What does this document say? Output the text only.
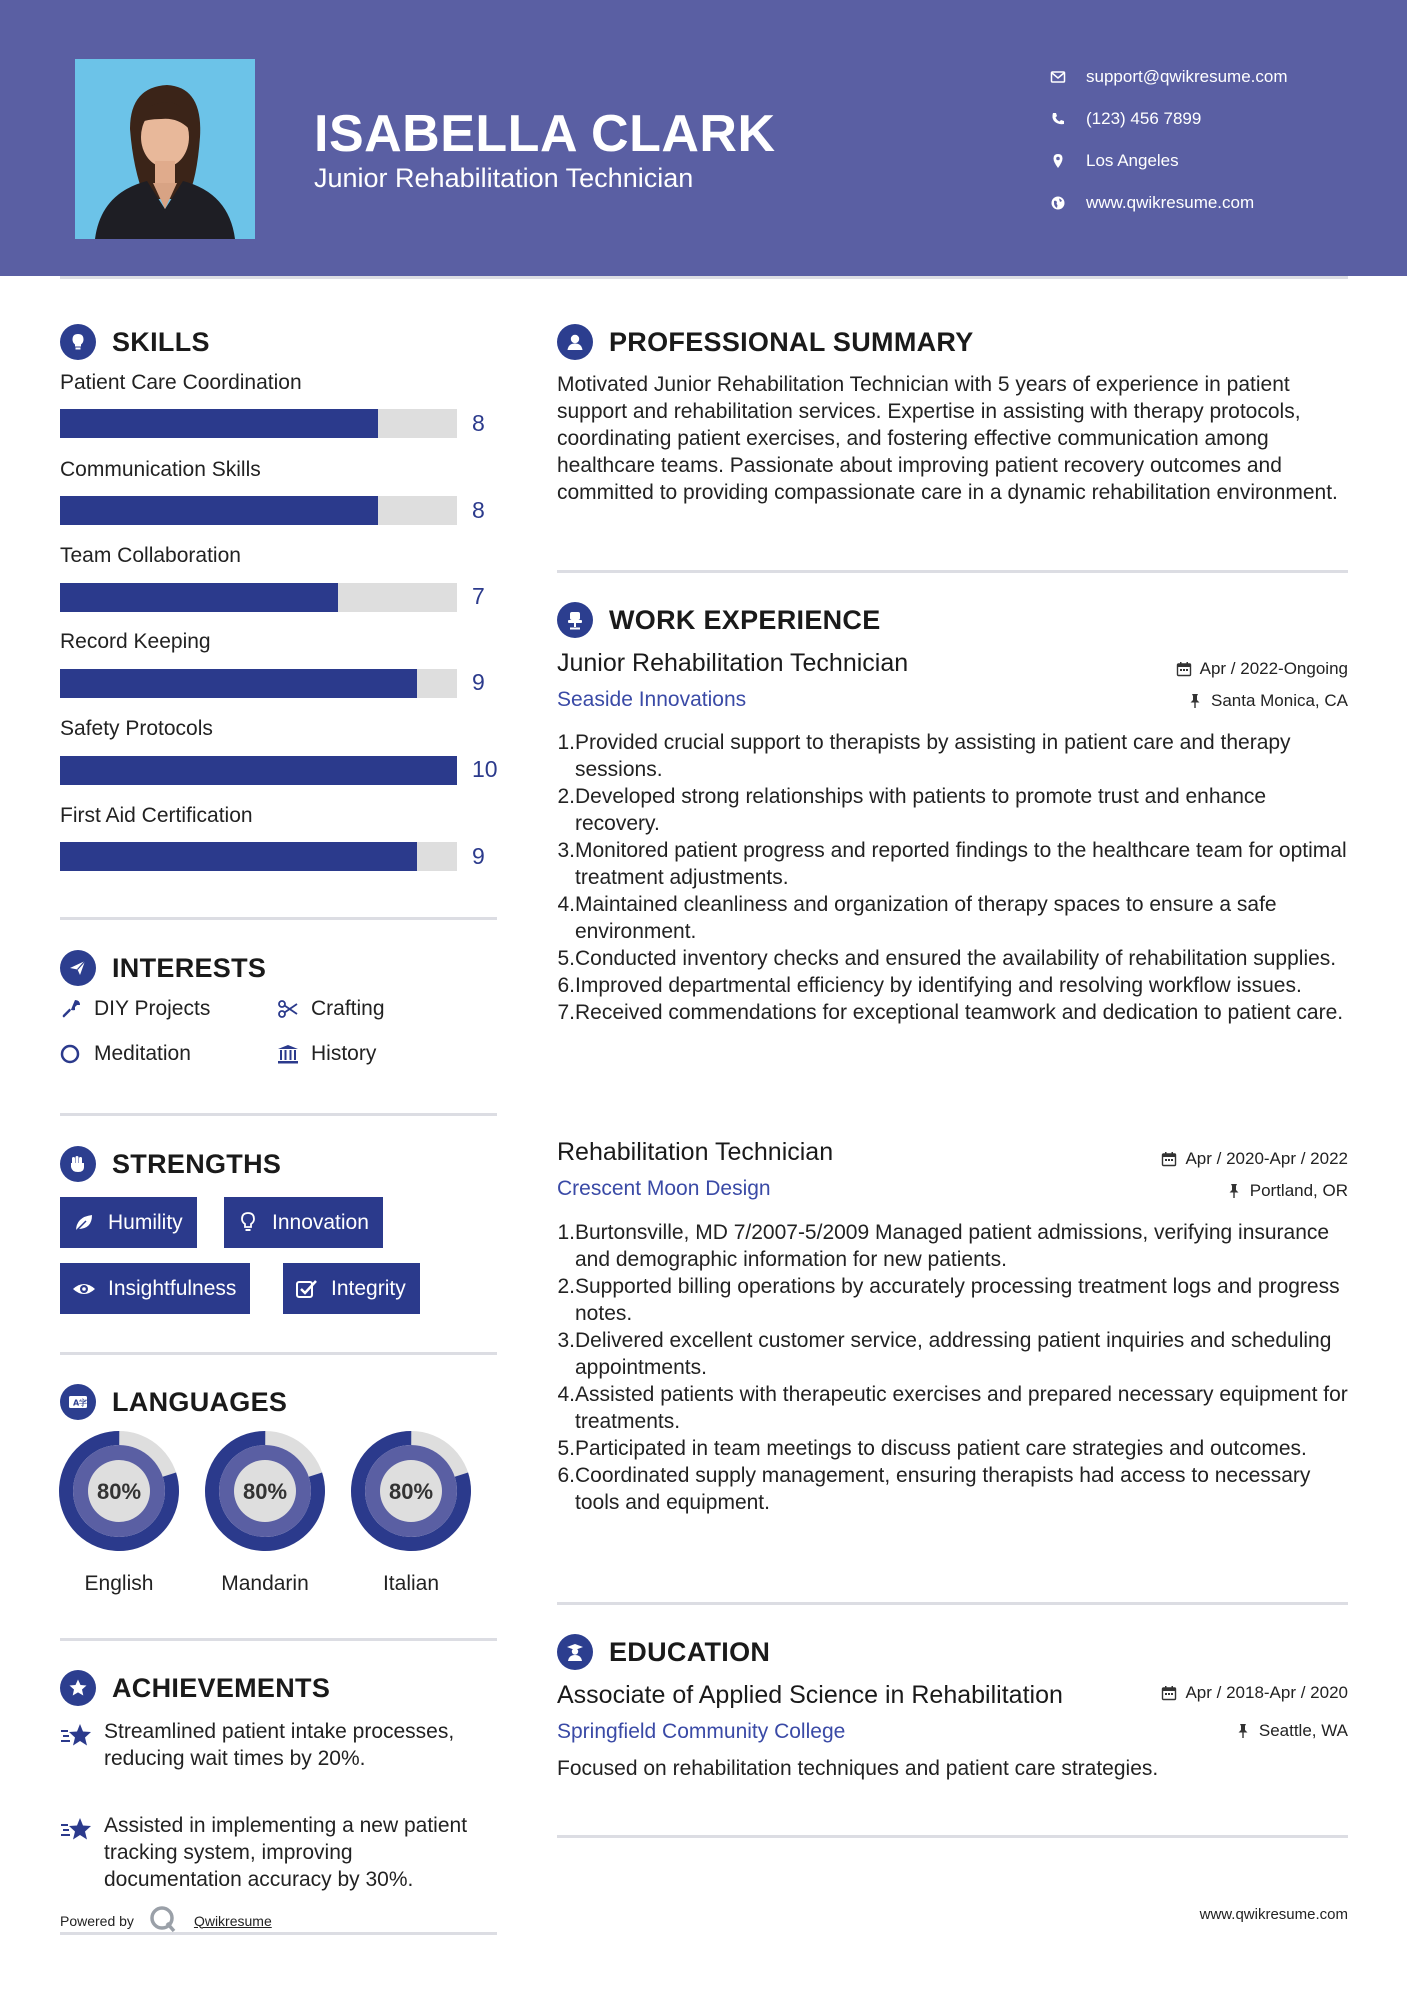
ISABELLA CLARK
Junior Rehabilitation Technician
support@qwikresume.com
(123) 456 7899
Los Angeles
www.qwikresume.com
SKILLS
Patient Care Coordination
8
Communication Skills
8
Team Collaboration
7
Record Keeping
9
Safety Protocols
10
First Aid Certification
9
INTERESTS
DIY Projects	Crafting
Meditation	History
STRENGTHS
Humility	Innovation
Insightfulness	Integrity
A 字 LANGUAGES
80%
English
80%
Mandarin
80%
Italian
ACHIEVEMENTS
Streamlined patient intake processes, reducing wait times by 20%.
Assisted in implementing a new patient tracking system, improving documentation accuracy by 30%.
Powered by	Qwikresume
PROFESSIONAL SUMMARY
Motivated Junior Rehabilitation Technician with 5 years of experience in patient support and rehabilitation services. Expertise in assisting with therapy protocols, coordinating patient exercises, and fostering effective communication among healthcare teams. Passionate about improving patient recovery outcomes and committed to providing compassionate care in a dynamic rehabilitation environment.
WORK EXPERIENCE
Junior Rehabilitation Technician	Apr / 2022-Ongoing
Seaside Innovations	Santa Monica, CA
1. Provided crucial support to therapists by assisting in patient care and therapy sessions.
2. Developed strong relationships with patients to promote trust and enhance recovery.
3. Monitored patient progress and reported findings to the healthcare team for optimal treatment adjustments.
4. Maintained cleanliness and organization of therapy spaces to ensure a safe environment.
5. Conducted inventory checks and ensured the availability of rehabilitation supplies.
6. Improved departmental efficiency by identifying and resolving workflow issues.
7. Received commendations for exceptional teamwork and dedication to patient care.
Rehabilitation Technician	Apr / 2020-Apr / 2022
Crescent Moon Design	Portland, OR
1. Burtonsville, MD 7/2007-5/2009 Managed patient admissions, verifying insurance and demographic information for new patients.
2. Supported billing operations by accurately processing treatment logs and progress notes.
3. Delivered excellent customer service, addressing patient inquiries and scheduling appointments.
4. Assisted patients with therapeutic exercises and prepared necessary equipment for treatments.
5. Participated in team meetings to discuss patient care strategies and outcomes.
6. Coordinated supply management, ensuring therapists had access to necessary tools and equipment.
EDUCATION
Associate of Applied Science in Rehabilitation	Apr / 2018-Apr / 2020
Springfield Community College	Seattle, WA
Focused on rehabilitation techniques and patient care strategies.
www.qwikresume.com
